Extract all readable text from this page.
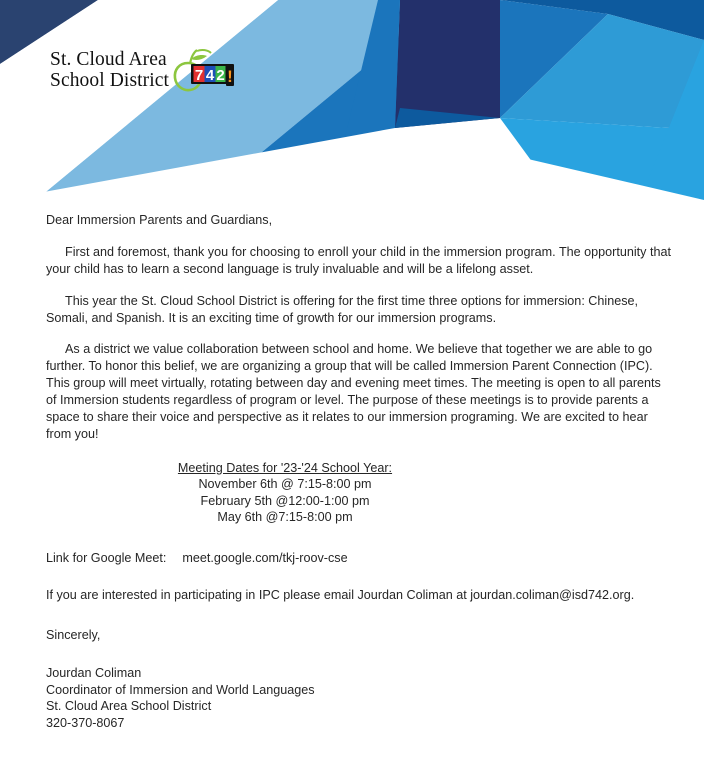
St. Cloud Area
School District 7 4 2 !

Dear Immersion Parents and Guardians,

First and foremost, thank you for choosing to enroll your child in the immersion program. The opportunity that your child has to learn a second language is truly invaluable and will be a lifelong asset.

This year the St. Cloud School District is offering for the first time three options for immersion: Chinese, Somali, and Spanish. It is an exciting time of growth for our immersion programs.

As a district we value collaboration between school and home. We believe that together we are able to go further. To honor this belief, we are organizing a group that will be called Immersion Parent Connection (IPC). This group will meet virtually, rotating between day and evening meet times. The meeting is open to all parents of Immersion students regardless of program or level. The purpose of these meetings is to provide parents a space to share their voice and perspective as it relates to our immersion programing. We are excited to hear from you!

Meeting Dates for '23-'24 School Year:
November 6th @ 7:15-8:00 pm
February 5th @12:00-1:00 pm
May 6th @7:15-8:00 pm

Link for Google Meet: meet.google.com/tkj-roov-cse

If you are interested in participating in IPC please email Jourdan Coliman at jourdan.coliman@isd742.org.

Sincerely,

Jourdan Coliman
Coordinator of Immersion and World Languages
St. Cloud Area School District
320-370-8067
